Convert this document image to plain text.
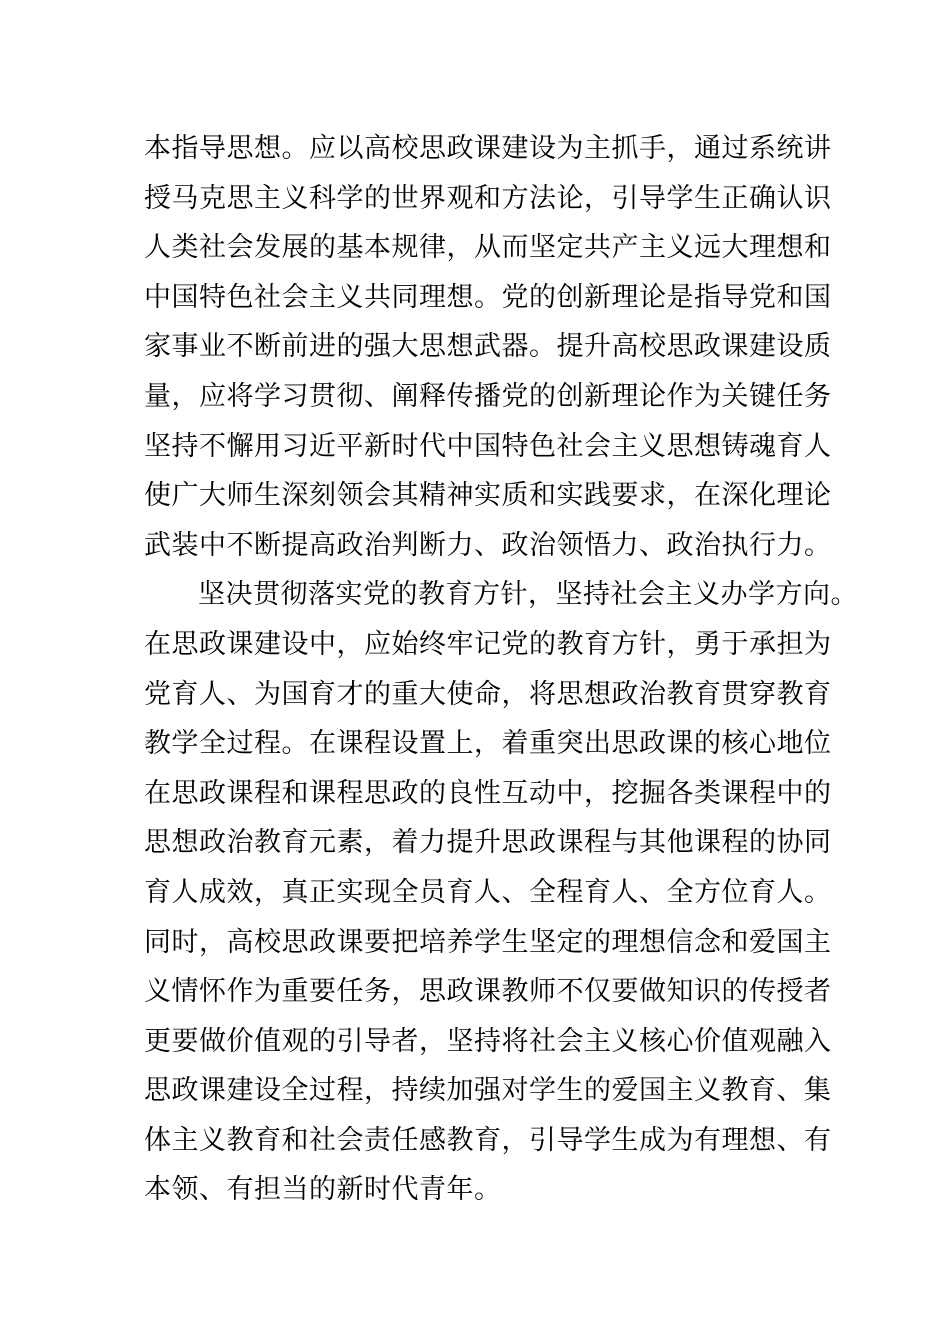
本指导思想。应以高校思政课建设为主抓手，通过系统讲
授马克思主义科学的世界观和方法论，引导学生正确认识
人类社会发展的基本规律，从而坚定共产主义远大理想和
中国特色社会主义共同理想。党的创新理论是指导党和国
家事业不断前进的强大思想武器。提升高校思政课建设质
量，应将学习贯彻、阐释传播党的创新理论作为关键任务
坚持不懈用习近平新时代中国特色社会主义思想铸魂育人
使广大师生深刻领会其精神实质和实践要求，在深化理论
武装中不断提高政治判断力、政治领悟力、政治执行力。
坚决贯彻落实党的教育方针，坚持社会主义办学方向。
在思政课建设中，应始终牢记党的教育方针，勇于承担为
党育人、为国育才的重大使命，将思想政治教育贯穿教育
教学全过程。在课程设置上，着重突出思政课的核心地位
在思政课程和课程思政的良性互动中，挖掘各类课程中的
思想政治教育元素，着力提升思政课程与其他课程的协同
育人成效，真正实现全员育人、全程育人、全方位育人。
同时，高校思政课要把培养学生坚定的理想信念和爱国主
义情怀作为重要任务，思政课教师不仅要做知识的传授者
更要做价值观的引导者，坚持将社会主义核心价值观融入
思政课建设全过程，持续加强对学生的爱国主义教育、集
体主义教育和社会责任感教育，引导学生成为有理想、有
本领、有担当的新时代青年。
